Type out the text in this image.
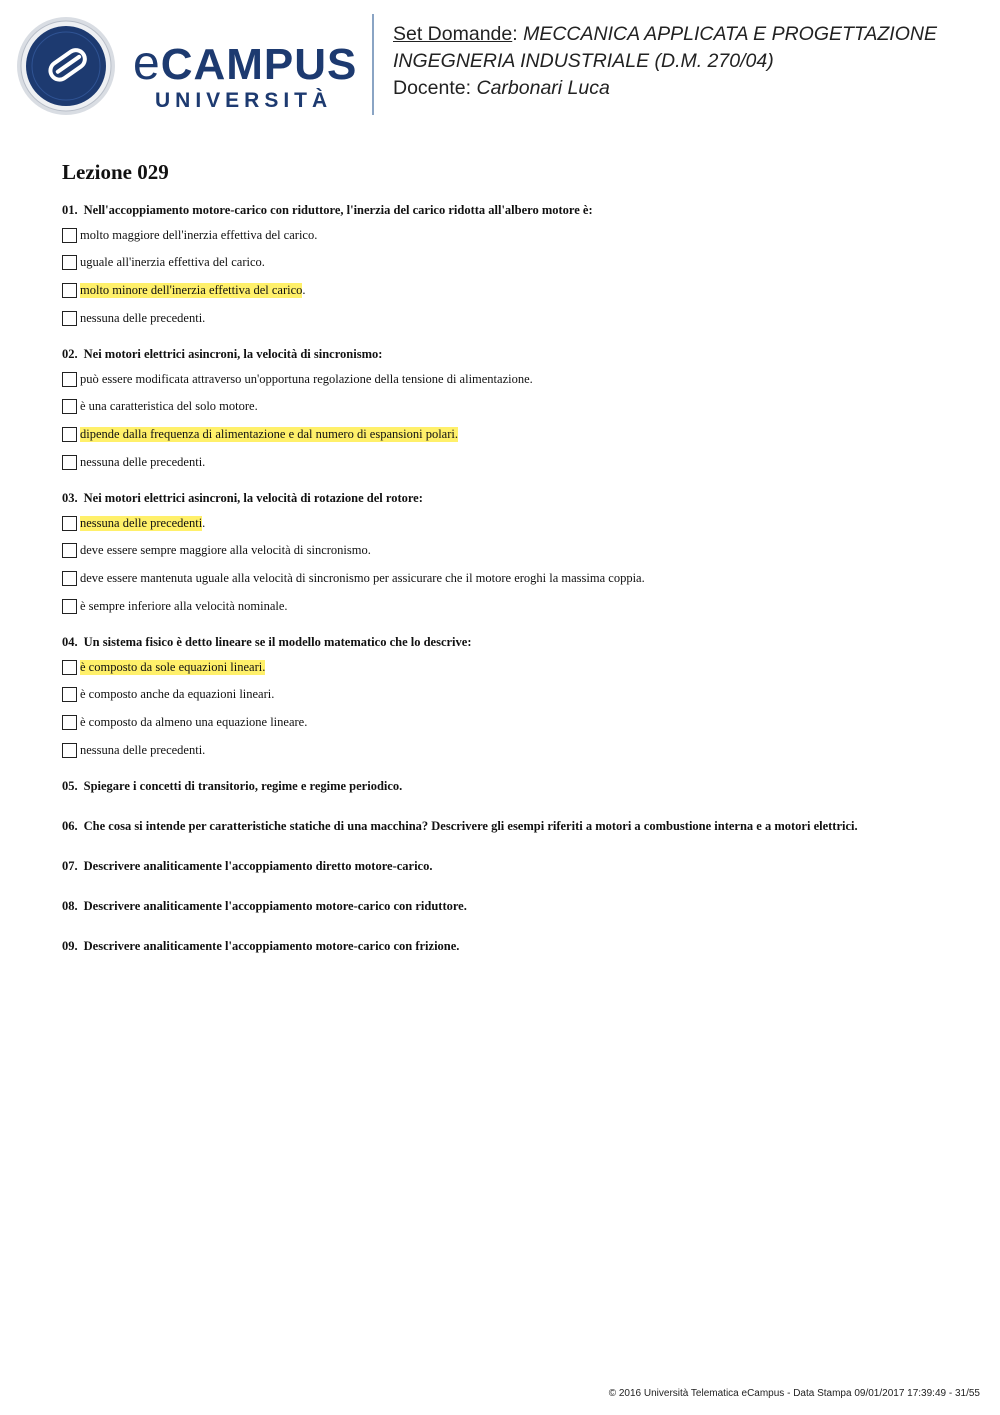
eCAMPUS
UNIVERSITÀ
Set Domande: MECCANICA APPLICATA E PROGETTAZIONE INGEGNERIA INDUSTRIALE (D.M. 270/04)
Docente: Carbonari Luca
Lezione 029

01. Nell'accoppiamento motore-carico con riduttore, l'inerzia del carico ridotta all'albero motore è:

molto maggiore dell'inerzia effettiva del carico.
uguale all'inerzia effettiva del carico.
molto minore dell'inerzia effettiva del carico .
nessuna delle precedenti.

02. Nei motori elettrici asincroni, la velocità di sincronismo:

può essere modificata attraverso un'opportuna regolazione della tensione di alimentazione.
è una caratteristica del solo motore.
dipende dalla frequenza di alimentazione e dal numero di espansioni polari.
nessuna delle precedenti.

03. Nei motori elettrici asincroni, la velocità di rotazione del rotore:

nessuna delle precedenti .
deve essere sempre maggiore alla velocità di sincronismo.
deve essere mantenuta uguale alla velocità di sincronismo per assicurare che il motore eroghi la massima coppia.
è sempre inferiore alla velocità nominale.

04. Un sistema fisico è detto lineare se il modello matematico che lo descrive:

è composto da sole equazioni lineari.
è composto anche da equazioni lineari.
è composto da almeno una equazione lineare.
nessuna delle precedenti.

05. Spiegare i concetti di transitorio, regime e regime periodico.

06. Che cosa si intende per caratteristiche statiche di una macchina? Descrivere gli esempi riferiti a motori a combustione interna e a motori elettrici.

07. Descrivere analiticamente l'accoppiamento diretto motore-carico.

08. Descrivere analiticamente l'accoppiamento motore-carico con riduttore.

09. Descrivere analiticamente l'accoppiamento motore-carico con frizione.

© 2016 Università Telematica eCampus - Data Stampa 09/01/2017 17:39:49 - 31/55
